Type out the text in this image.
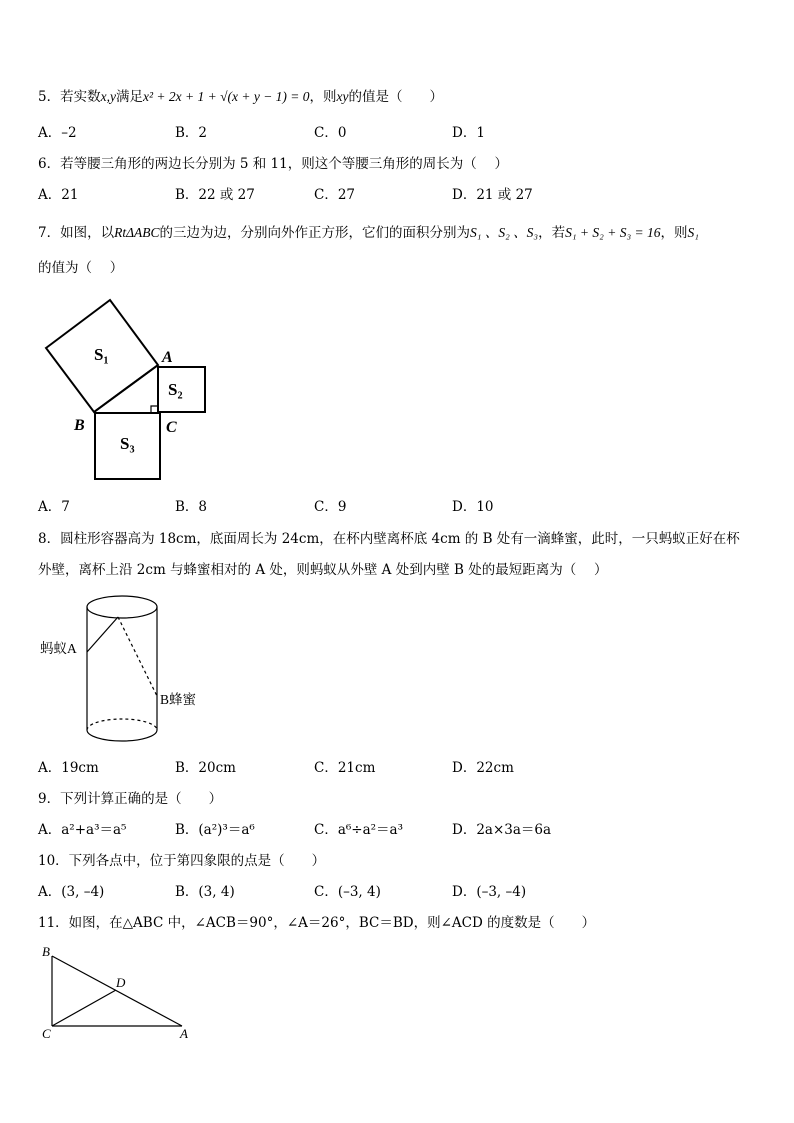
5．若实数x,y满足x² + 2x + 1 + √(x + y − 1) = 0，则xy的值是（　　）
A．–2	B．2	C．0	D．1
6．若等腰三角形的两边长分别为 5 和 11，则这个等腰三角形的周长为（　 ）
A．21	B．22 或 27	C．27	D．21 或 27
7．如图，以RtΔABC的三边为边，分别向外作正方形，它们的面积分别为S₁ 、S₂ 、S₃，若S₁ + S₂ + S₃ = 16，则S₁
的值为（　 ）
S₁
S₂
S₃
A
B	C
A．7	B．8	C．9	D．10
8．圆柱形容器高为 18cm，底面周长为 24cm，在杯内壁离杯底 4cm 的 B 处有一滴蜂蜜，此时，一只蚂蚁正好在杯
外壁，离杯上沿 2cm 与蜂蜜相对的 A 处，则蚂蚁从外壁 A 处到内壁 B 处的最短距离为（　 ）
蚂蚁A
B蜂蜜
A．19cm	B．20cm	C．21cm	D．22cm
9．下列计算正确的是（　　）
A．a²+a³＝a⁵	B．(a²)³＝a⁶	C．a⁶÷a²＝a³	D．2a×3a＝6a
10．下列各点中，位于第四象限的点是（　　）
A．(3, –4)	B．(3, 4)	C．(–3, 4)	D．(–3, –4)
11．如图，在△ABC 中，∠ACB＝90°，∠A＝26°，BC＝BD，则∠ACD 的度数是（　　）
B
D
C	A
